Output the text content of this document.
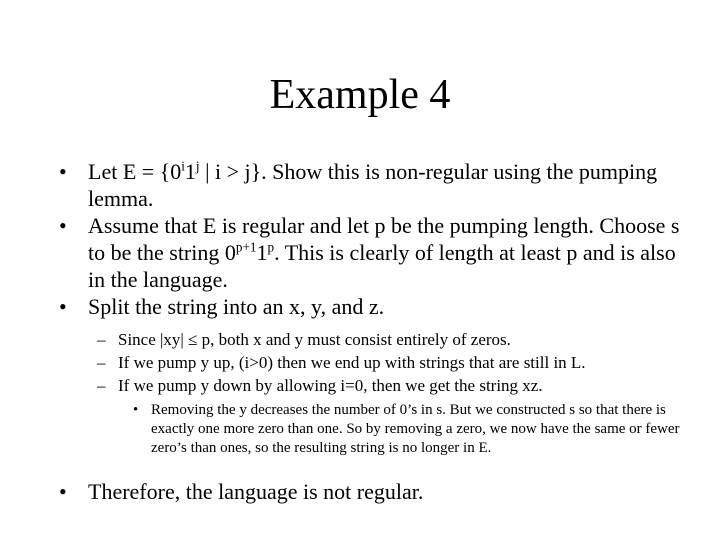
Example 4
• Let $E = \{0^i1^j$ | i > j}. Show this is non-regular using the pumping lemma.
• Assume that E is regular and let p be the pumping length. Choose s to be the string $0^{p+1}1^p$. This is clearly of length at least p and is also in the language.
• Split the string into an x, y, and z.
– Since |xy| ≤ p, both x and y must consist entirely of zeros.
– If we pump y up, (i>0) then we end up with strings that are still in L.
– If we pump y down by allowing i=0, then we get the string xz.
• Removing the y decreases the number of 0’s in s. But we constructed s so that there is exactly one more zero than one. So by removing a zero, we now have the same or fewer zero’s than ones, so the resulting string is no longer in E.
• Therefore, the language is not regular.
